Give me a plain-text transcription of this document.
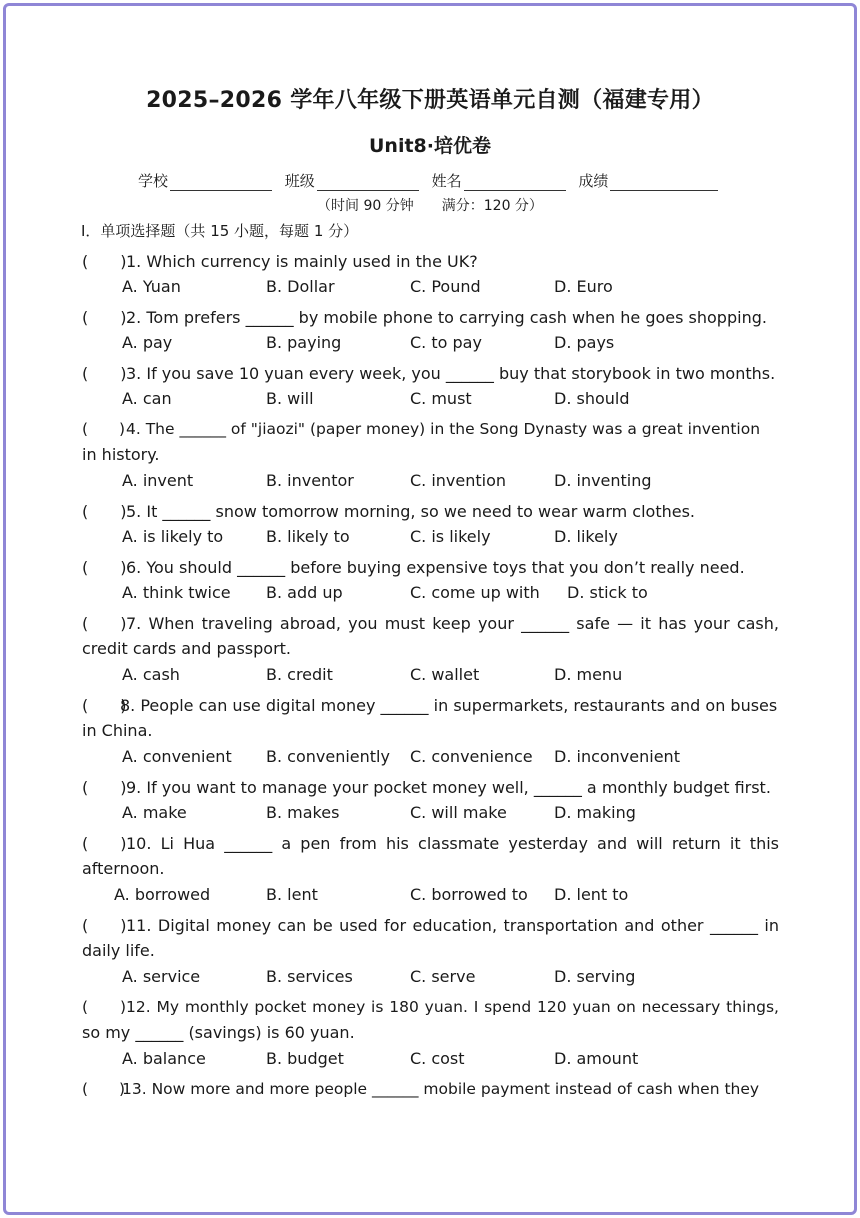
2025–2026 学年八年级下册英语单元自测（福建专用）
Unit8·培优卷
学校	班级	姓名	成绩
（时间 90 分钟　　满分：120 分）
I．单项选择题（共 15 小题，每题 1 分）
(　　)1. Which currency is mainly used in the UK?
A. Yuan	B. Dollar	C. Pound	D. Euro
(　　)2. Tom prefers ______ by mobile phone to carrying cash when he goes shopping.
A. pay	B. paying	C. to pay	D. pays
(　　)3. If you save 10 yuan every week, you ______ buy that storybook in two months.
A. can	B. will	C. must	D. should
(　　)4. The ______ of "jiaozi" (paper money) in the Song Dynasty was a great invention
in history.
A. invent	B. inventor	C. invention	D. inventing
(　　)5. It ______ snow tomorrow morning, so we need to wear warm clothes.
A. is likely to	B. likely to	C. is likely	D. likely
(　　)6. You should ______ before buying expensive toys that you don’t really need.
A. think twice B. add up	C. come up with D. stick to
(　　)7. When traveling abroad, you must keep your ______ safe — it has your cash,
credit cards and passport.
A. cash	B. credit	C. wallet	D. menu
(　　)8. People can use digital money ______ in supermarkets, restaurants and on buses
in China.
A. convenient B. conveniently C. convenience D. inconvenient
(　　)9. If you want to manage your pocket money well, ______ a monthly budget first.
A. make	B. makes	C. will make	D. making
(　　)10. Li Hua ______ a pen from his classmate yesterday and will return it this
afternoon.
A. borrowed	B. lent	C. borrowed to D. lent to
(　　)11. Digital money can be used for education, transportation and other ______ in
daily life.
A. service	B. services	C. serve	D. serving
(　　)12. My monthly pocket money is 180 yuan. I spend 120 yuan on necessary things,
so my ______ (savings) is 60 yuan.
A. balance	B. budget	C. cost	D. amount
(　　)13. Now more and more people ______ mobile payment instead of cash when they
